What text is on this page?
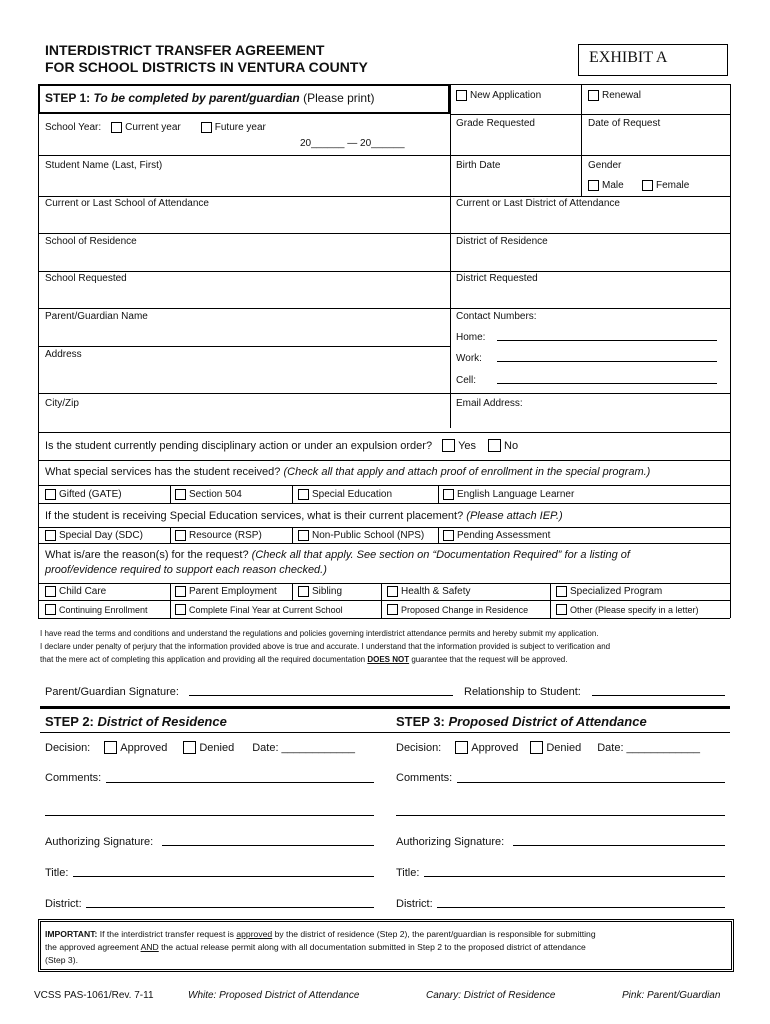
INTERDISTRICT TRANSFER AGREEMENT
FOR SCHOOL DISTRICTS IN VENTURA COUNTY
EXHIBIT A
STEP 1: To be completed by parent/guardian (Please print)	New Application	Renewal
School Year: Current year	Future year
20______ — 20______
Grade Requested	Date of Request
Student Name (Last, First)	Birth Date	Gender
Male	Female
Current or Last School of Attendance	Current or Last District of Attendance
School of Residence	District of Residence
School Requested	District Requested
Parent/Guardian Name	Contact Numbers:
Home:
Address	Work:
Cell:
City/Zip	Email Address:
Is the student currently pending disciplinary action or under an expulsion order? Yes	No
What special services has the student received? (Check all that apply and attach proof of enrollment in the special program.)
Gifted (GATE)	Section 504	Special Education	English Language Learner
If the student is receiving Special Education services, what is their current placement? (Please attach IEP.)
Special Day (SDC)	Resource (RSP)	Non-Public School (NPS)	Pending Assessment
What is/are the reason(s) for the request? (Check all that apply. See section on “Documentation Required” for a listing of
proof/evidence required to support each reason checked.)
Child Care	Parent Employment	Sibling	Health & Safety	Specialized Program
Continuing Enrollment	Complete Final Year at Current School	Proposed Change in Residence	Other (Please specify in a letter)
I have read the terms and conditions and understand the regulations and policies governing interdistrict attendance permits and hereby submit my application.
I declare under penalty of perjury that the information provided above is true and accurate. I understand that the information provided is subject to verification and
that the mere act of completing this application and providing all the required documentation DOES NOT guarantee that the request will be approved.
Parent/Guardian Signature:	Relationship to Student:
STEP 2: District of Residence	STEP 3: Proposed District of Attendance
Decision:	Approved	Denied Date: ____________
Comments:
Authorizing Signature:
Title:
District:
Decision:	Approved	Denied Date: ____________
Comments:
Authorizing Signature:
Title:
District:
IMPORTANT: If the interdistrict transfer request is approved by the district of residence (Step 2), the parent/guardian is responsible for submitting
the approved agreement AND the actual release permit along with all documentation submitted in Step 2 to the proposed district of attendance
(Step 3).
VCSS PAS-1061/Rev. 7-11	White: Proposed District of Attendance	Canary: District of Residence	Pink: Parent/Guardian
